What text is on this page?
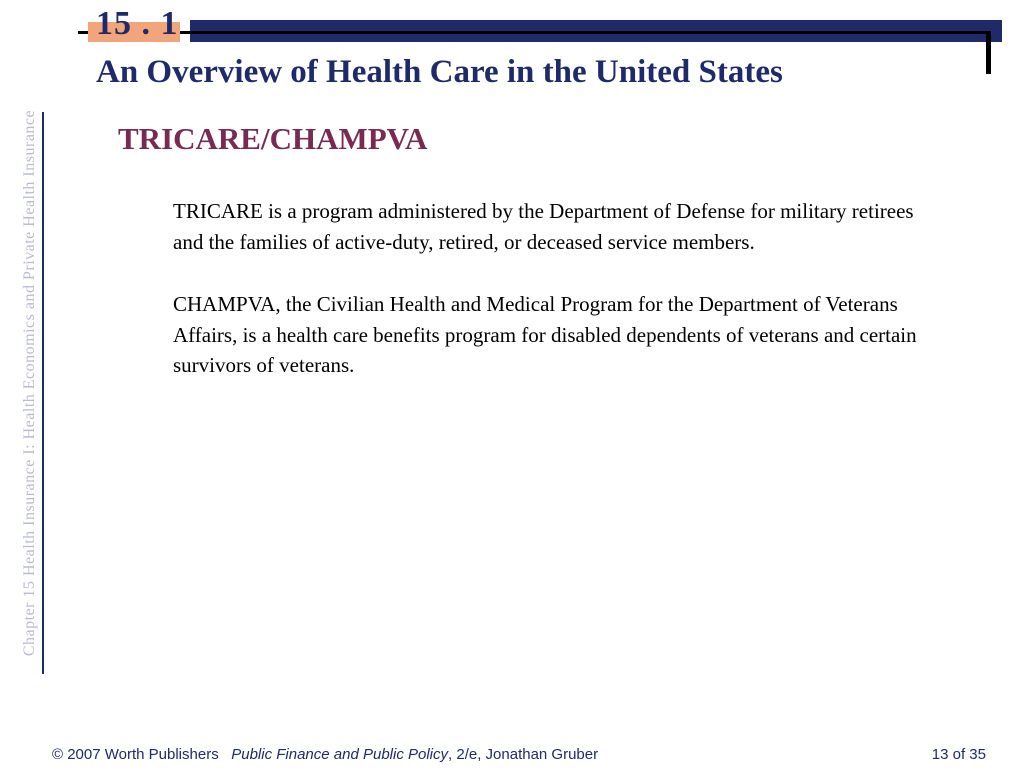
15 . 1
An Overview of Health Care in the United States
Chapter 15 Health Insurance I: Health Economics and Private Health Insurance	TRICARE/CHAMPVA

TRICARE is a program administered by the Department of Defense for military retirees and the families of active-duty, retired, or deceased service members.

CHAMPVA, the Civilian Health and Medical Program for the Department of Veterans Affairs, is a health care benefits program for disabled dependents of veterans and certain survivors of veterans.

© 2007 Worth Publishers Public Finance and Public Policy, 2/e, Jonathan Gruber	13 of 35
